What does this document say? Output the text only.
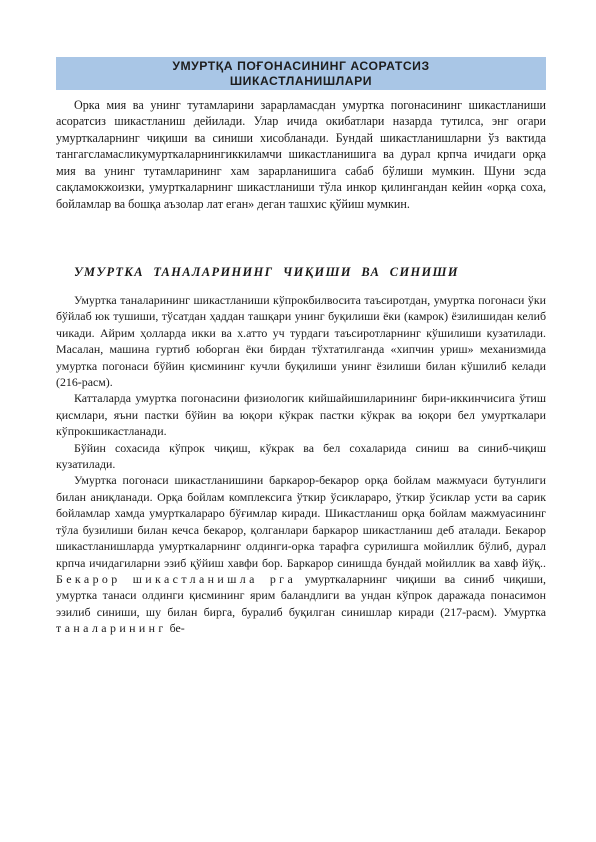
УМУРТҚА ПОҒОНАСИНИНГ АСОРАТСИЗ
ШИКАСТЛАНИШЛАРИ

Орка мия ва унинг тутамларини зарарламасдан умуртка погонасининг шикастланиши асоратсиз шикастланиш дейилади. Улар ичида окибатлари назарда тутилса, энг огари умурткаларнинг чиқиши ва синиши хисобланади. Бундай шикастланишларни ўз вактида тангагсламасликумурткаларнингиккиламчи шикастланишига ва дурал крпча ичидаги орқа мия ва унинг тутамларининг хам зарарланишига сабаб бўлиши мумкин. Шуни эсда сақламокжоизки, умурткаларнинг шикастланиши тўла инкор қилингандан кейин «орқа соха, бойламлар ва бошқа аъзолар лат еган» деган ташхис қўйиш мумкин.

УМУРТКА ТАНАЛАРИНИНГ ЧИҚИШИ ВА СИНИШИ

Умуртка таналарининг шикастланиши кўпрокбилвосита таъсиротдан, умуртка погонаси ўки бўйлаб юк тушиши, тўсатдан ҳаддан ташқари унинг буқилиши ёки (камрок) ёзилишидан келиб чикади. Айрим ҳолларда икки ва х.атто уч турдаги таъсиротларнинг кўшилиши кузатилади. Масалан, машина гуртиб юборган ёки бирдан тўхтатилганда «хипчин уриш» механизмида умуртка погонаси бўйин қисмининг кучли буқилиши унинг ёзилиши билан кўшилиб келади (216-расм).

Катталарда умуртка погонасини физиологик кийшайишиларининг бири-иккинчисига ўтиш қисмлари, яъни пастки бўйин ва юқори кўкрак пастки кўкрак ва юқори бел умурткалари кўпрокшикастланади.

Бўйин сохасида кўпрок чиқиш, кўкрак ва бел сохаларида синиш ва синиб-чиқиш кузатилади.

Умуртка погонаси шикастланишини баркарор-бекарор орқа бойлам мажмуаси бутунлиги билан аниқланади. Орқа бойлам комплексига ўткир ўсиклараро, ўткир ўсиклар усти ва сарик бойламлар хамда умурткалараро бўғимлар киради. Шикастланиш орқа бойлам мажмуасининг тўла бузилиши билан кечса бекарор, қолганлари баркарор шикастланиш деб аталади. Бекарор шикастланишларда умурткаларнинг олдинги-орка тарафга сурилишга мойиллик бўлиб, дурал крпча ичидагиларни эзиб қўйиш хавфи бор. Баркарор синишда бундай мойиллик ва хавф йўқ.. Бекарор шикастланишла рга умурткаларнинг чиқиши ва синиб чиқиши, умуртка танаси олдинги қисмининг ярим баландлиги ва ундан кўпрок даражада понасимон эзилиб синиши, шу билан бирга, буралиб буқилган синишлар киради (217-расм). Умуртка таналарининг бе-
